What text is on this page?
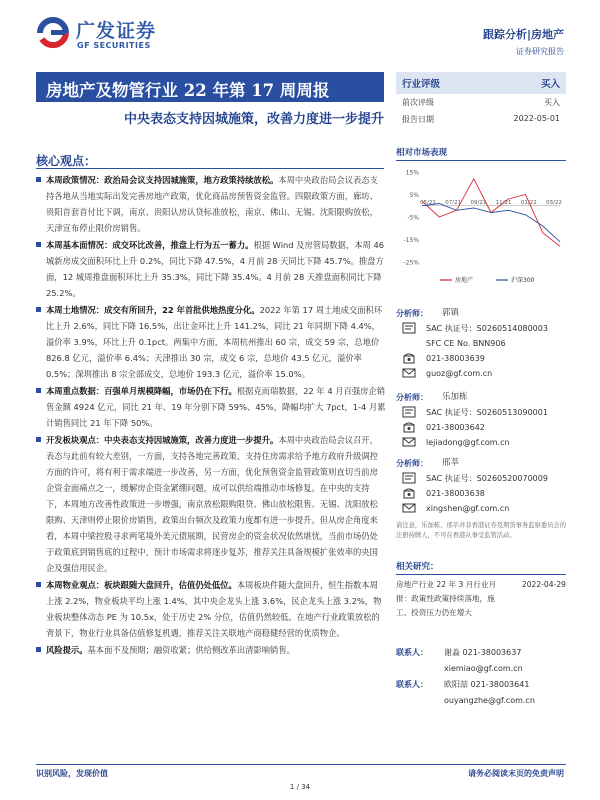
广发证券
GF SECURITIES
跟踪分析|房地产
证券研究报告
房地产及物管行业 22 年第 17 周周报
中央表态支持因城施策，改善力度进一步提升
行业评级	买入
前次评级	买入
报告日期	2022-05-01
核心观点：
本周政策情况：政治局会议支持因城施策，地方政策持续放松。本周中央政治局会议表态支持各地从当地实际出发完善房地产政策，优化商品房预售资金监管。四限政策方面，廊坊、贵阳首套首付比下调，南京、贵阳认房认贷标准放松，南京、佛山、无锡、沈阳限购放松，天津宣布停止限价房销售。
本周基本面情况：成交环比改善，推盘上行为五一蓄力。根据 Wind 及房管局数据，本周 46 城新房成交面积环比上升 0.2%，同比下降 47.5%，4 月前 28 天同比下降 45.7%。推盘方面，12 城周推盘面积环比上升 35.3%，同比下降 35.4%。4 月前 28 天推盘面积同比下降 25.2%。
本周土地情况：成交有所回升，22 年首批供地热度分化。2022 年第 17 周土地成交面积环比上升 2.6%，同比下降 16.5%，出让金环比上升 141.2%，同比 21 年同期下降 4.4%，溢价率 3.9%，环比上升 0.1pct。两集中方面，本周杭州推出 60 宗，成交 59 宗，总地价 826.8 亿元，溢价率 6.4%；天津推出 30 宗，成交 6 宗，总地价 43.5 亿元，溢价率 0.5%；深圳推出 8 宗全部成交，总地价 193.3 亿元，溢价率 15.0%。
本周重点数据：百强单月规模降幅，市场仍在下行。根据克而瑞数据，22 年 4 月百强房企销售金额 4924 亿元，同比 21 年、19 年分别下降 59%、45%，降幅均扩大 7pct，1-4 月累计销售同比 21 年下降 50%。
开发板块观点：中央表态支持因城施策，改善力度进一步提升。本周中央政治局会议召开，表态与此前有较大差别，一方面，支持各地完善政策，支持住房需求给予地方政府升级调控方面的许可，将有利于需求端进一步改善，另一方面，优化预售资金监管政策则直切当前房企资金面痛点之一，缓解房企资金紧绷问题，成可以供给端推动市场修复。在中央的支持下，本周地方改善性政策进一步增强，南京放松限购限贷、佛山放松限售、无锡、沈阳放松限购、天津则停止限价房销售，政策出台频次及政策力度都有进一步提升。但从房企角度来看，本周中梁控股寻求两笔境外美元债展期，民营房企的资金状况依然堪忧，当前市场仍处于政策底到销售底的过程中，预计市场需求将逐步复苏，推荐关注具备规模扩张效率的央国企及强信用民企。
本周物业观点：板块跟随大盘回升，估值仍处低位。本周板块件随大盘回升，恒生指数本周上涨 2.2%，物业板块平均上涨 1.4%，其中央企龙头上涨 3.6%，民企龙头上涨 3.2%，物业板块整体动态 PE 为 10.5x，处于历史 2% 分位，估值仍然较低。在地产行业政策放松的背景下，物业行业具备估值修复机遇，推荐关注关联地产商稳健经营的优质物企。
风险提示。基本面不及预期；融资收紧；供给侧改革出清影响销售。
相对市场表现
15%
5%
-5%
-15%
-25%
05/21 07/21 09/21 11/21 01/22 03/22
房地产	沪深300
分析师： 郭镇
SAC 执证号：S0260514080003
SFC CE No. BNN906
021-38003639
guoz@gf.com.cn
分析师： 乐加栋
SAC 执证号：S0260513090001
021-38003642
lejiadong@gf.com.cn
分析师： 邢莘
SAC 执证号：S0260520070009
021-38003638
xingshen@gf.com.cn
请注意，乐加栋、邢莘并非香港证券及期货事务监察委员会的注册持牌人，不可在香港从事受监管活动。
相关研究：
房地产行业 22 年 3 月行业月	2022-04-29
报：政策性政策持续落地，施
工、投资压力仍在增大
联系人： 谢淼 021-38003637
xiemiao@gf.com.cn
联系人： 欧阳喆 021-38003641
ouyangzhe@gf.com.cn
识别风险，发现价值	请务必阅读末页的免责声明
1 / 34
